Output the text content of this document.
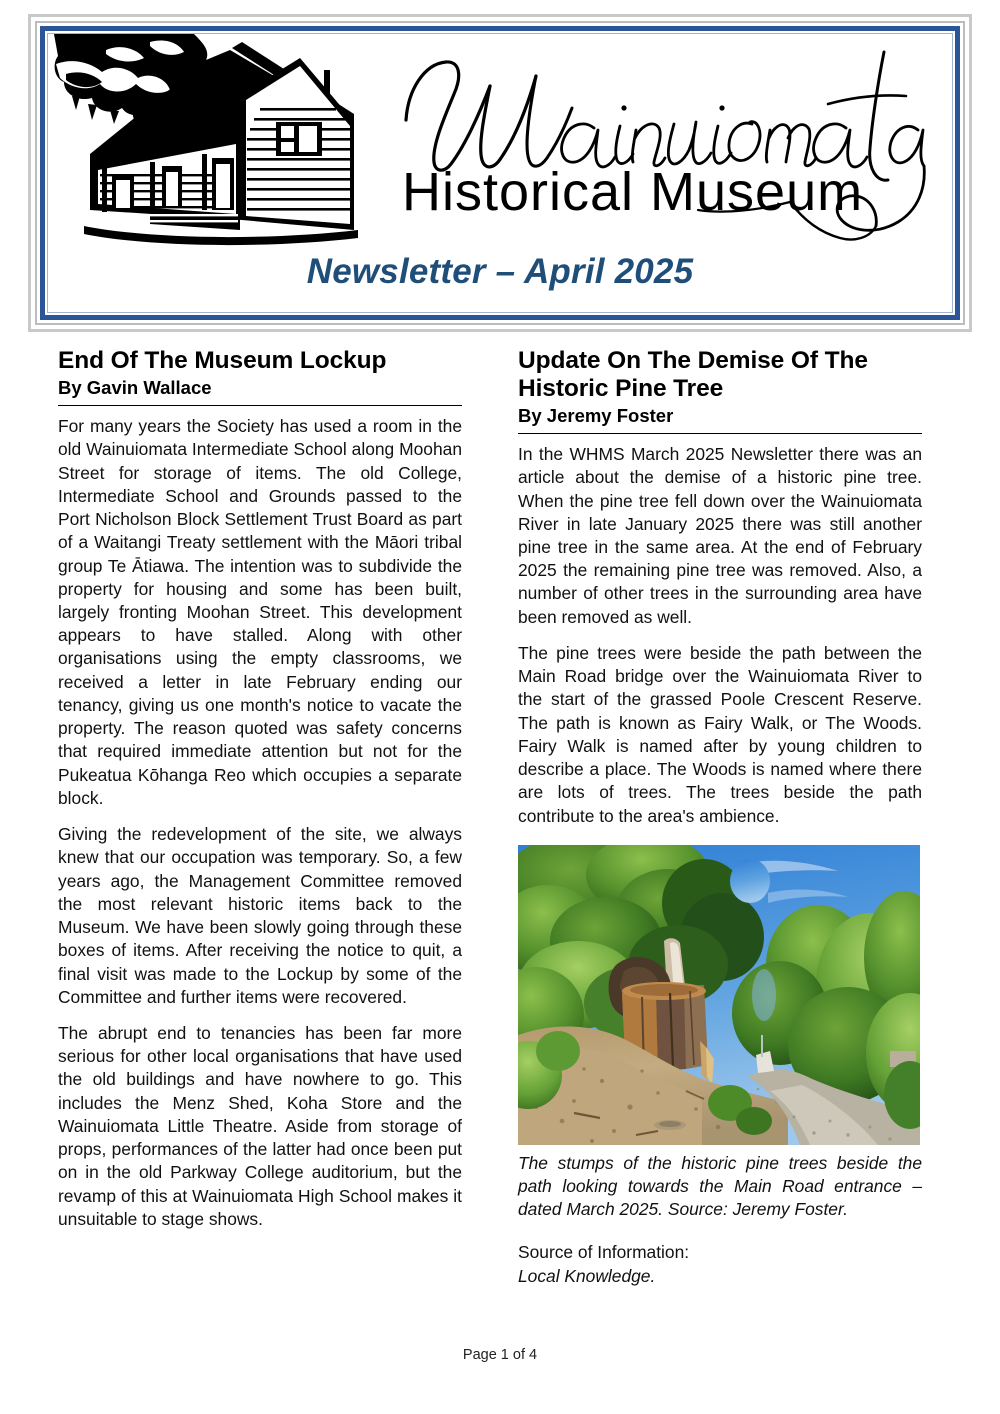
Historical Museum
Newsletter – April 2025
End Of The Museum Lockup
By Gavin Wallace

For many years the Society has used a room in the old Wainuiomata Intermediate School along Moohan Street for storage of items. The old College, Intermediate School and Grounds passed to the Port Nicholson Block Settlement Trust Board as part of a Waitangi Treaty settlement with the Māori tribal group Te Ātiawa. The intention was to subdivide the property for housing and some has been built, largely fronting Moohan Street. This development appears to have stalled. Along with other organisations using the empty classrooms, we received a letter in late February ending our tenancy, giving us one month's notice to vacate the property. The reason quoted was safety concerns that required immediate attention but not for the Pukeatua Kōhanga Reo which occupies a separate block.

Giving the redevelopment of the site, we always knew that our occupation was temporary. So, a few years ago, the Management Committee removed the most relevant historic items back to the Museum. We have been slowly going through these boxes of items. After receiving the notice to quit, a final visit was made to the Lockup by some of the Committee and further items were recovered.

The abrupt end to tenancies has been far more serious for other local organisations that have used the old buildings and have nowhere to go. This includes the Menz Shed, Koha Store and the Wainuiomata Little Theatre. Aside from storage of props, performances of the latter had once been put on in the old Parkway College auditorium, but the revamp of this at Wainuiomata High School makes it unsuitable to stage shows.

Update On The Demise Of The Historic Pine Tree
By Jeremy Foster

In the WHMS March 2025 Newsletter there was an article about the demise of a historic pine tree. When the pine tree fell down over the Wainuiomata River in late January 2025 there was still another pine tree in the same area. At the end of February 2025 the remaining pine tree was removed. Also, a number of other trees in the surrounding area have been removed as well.

The pine trees were beside the path between the Main Road bridge over the Wainuiomata River to the start of the grassed Poole Crescent Reserve. The path is known as Fairy Walk, or The Woods. Fairy Walk is named after by young children to describe a place. The Woods is named where there are lots of trees. The trees beside the path contribute to the area's ambience.

The stumps of the historic pine trees beside the path looking towards the Main Road entrance – dated March 2025. Source: Jeremy Foster.
Source of Information:
Local Knowledge.
Page 1 of 4
